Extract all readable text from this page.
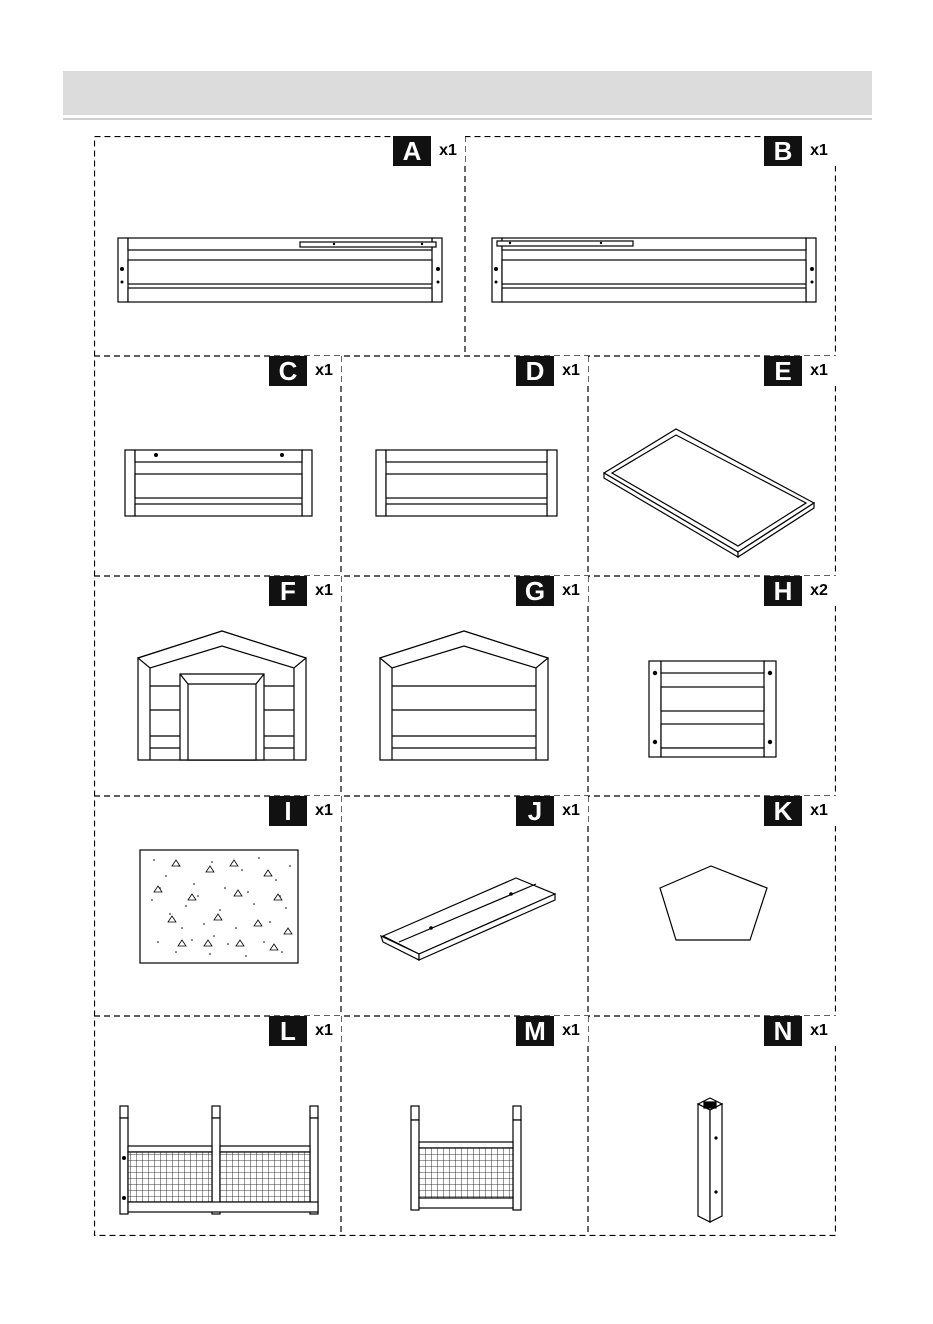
A	x1	B	x1
C	x1	D	x1	E	x1
F	x1	G	x1	H	x2
I	x1	J	x1	K	x1
L	x1	M	x1	N	x1
